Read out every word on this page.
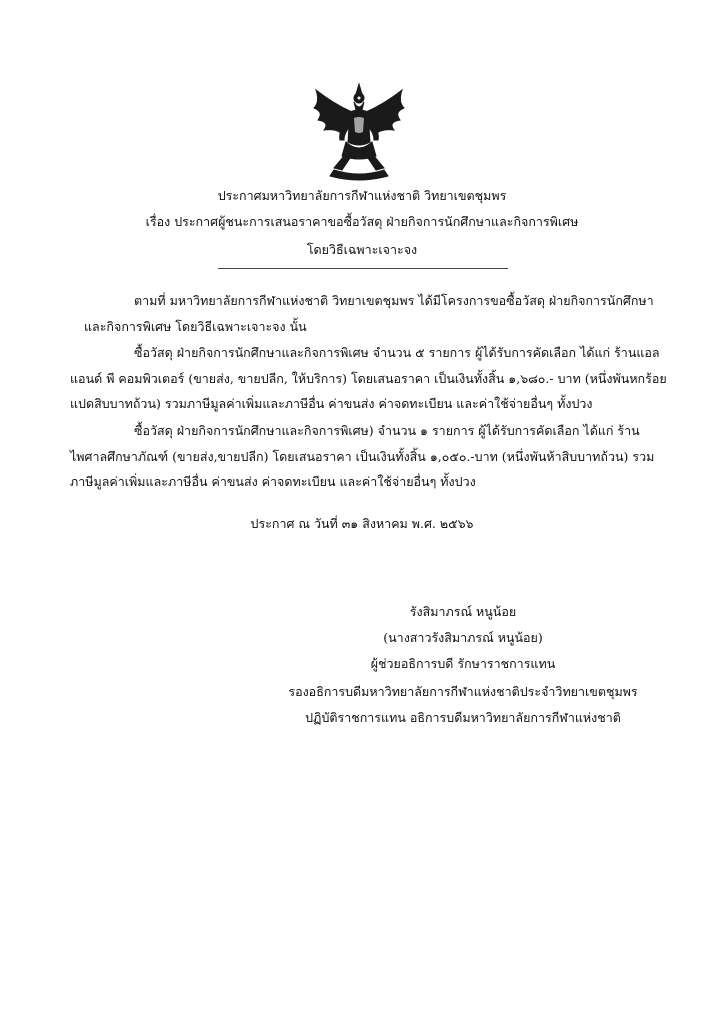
ประกาศมหาวิทยาลัยการกีฬาแห่งชาติ วิทยาเขตชุมพร
เรื่อง ประกาศผู้ชนะการเสนอราคาขอซื้อวัสดุ ฝ่ายกิจการนักศึกษาและกิจการพิเศษ
โดยวิธีเฉพาะเจาะจง
ตามที่ มหาวิทยาลัยการกีฬาแห่งชาติ วิทยาเขตชุมพร ได้มีโครงการขอซื้อวัสดุ ฝ่ายกิจการนักศึกษา
และกิจการพิเศษ โดยวิธีเฉพาะเจาะจง นั้น
ซื้อวัสดุ ฝ่ายกิจการนักศึกษาและกิจการพิเศษ จำนวน ๕ รายการ ผู้ได้รับการคัดเลือก ได้แก่ ร้านแอล
แอนด์ พี คอมพิวเตอร์ (ขายส่ง, ขายปลีก, ให้บริการ) โดยเสนอราคา เป็นเงินทั้งสิ้น ๑,๖๘๐.- บาท (หนึ่งพันหกร้อย
แปดสิบบาทถ้วน) รวมภาษีมูลค่าเพิ่มและภาษีอื่น ค่าขนส่ง ค่าจดทะเบียน และค่าใช้จ่ายอื่นๆ ทั้งปวง
ซื้อวัสดุ ฝ่ายกิจการนักศึกษาและกิจการพิเศษ) จำนวน ๑ รายการ ผู้ได้รับการคัดเลือก ได้แก่ ร้าน
ไพศาลศึกษาภัณฑ์ (ขายส่ง,ขายปลีก) โดยเสนอราคา เป็นเงินทั้งสิ้น ๑,๐๕๐.-บาท (หนึ่งพันห้าสิบบาทถ้วน) รวม
ภาษีมูลค่าเพิ่มและภาษีอื่น ค่าขนส่ง ค่าจดทะเบียน และค่าใช้จ่ายอื่นๆ ทั้งปวง
ประกาศ ณ วันที่ ๓๑ สิงหาคม พ.ศ. ๒๕๖๖
รังสิมาภรณ์ หนูน้อย
(นางสาวรังสิมาภรณ์ หนูน้อย)
ผู้ช่วยอธิการบดี รักษาราชการแทน
รองอธิการบดีมหาวิทยาลัยการกีฬาแห่งชาติประจำวิทยาเขตชุมพร
ปฏิบัติราชการแทน อธิการบดีมหาวิทยาลัยการกีฬาแห่งชาติ
